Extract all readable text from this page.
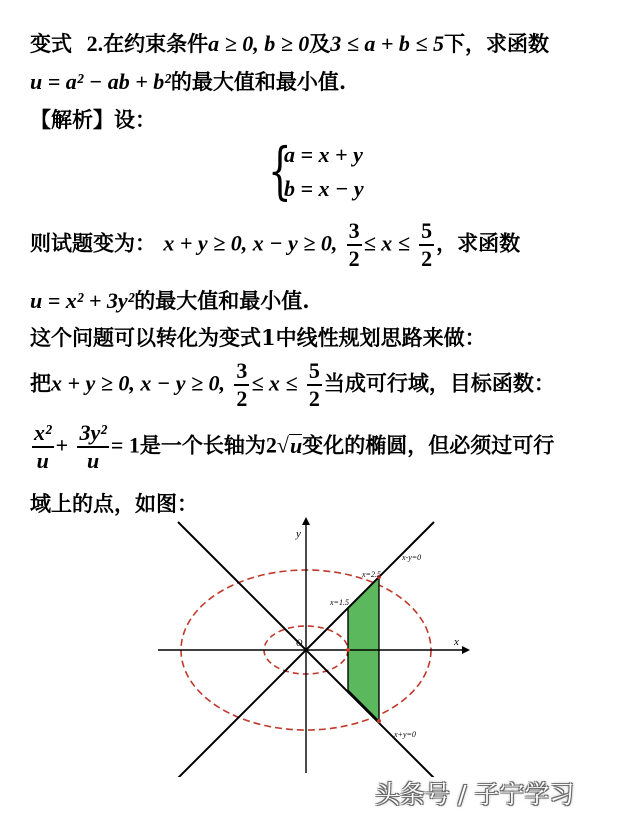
变式 2.在约束条件a ≥ 0, b ≥ 0及3 ≤ a + b ≤ 5下，求函数
u = a² − ab + b²的最大值和最小值.
【解析】设：
{
a = x + y
b = x − y
则试题变为： x + y ≥ 0, x − y ≥ 0, $\frac{3}{2} \le x \le \frac{5}{2}$ ，求函数
u = x² + 3y²的最大值和最小值.
这个问题可以转化为变式1中线性规划思路来做：
把x + y ≥ 0, x − y ≥ 0, $\frac{3}{2} \le x \le \frac{5}{2}$ 当成可行域，目标函数：
$\frac{\text{x²}}{u} + \frac{\text{3y²}}{u} = 1$是一个长轴为2√u变化的椭圆，但必须过可行
域上的点，如图：
x
y
O
x-y=0
x+y=0
x=1.5
x=2.5
头条号 / 子宁学习
